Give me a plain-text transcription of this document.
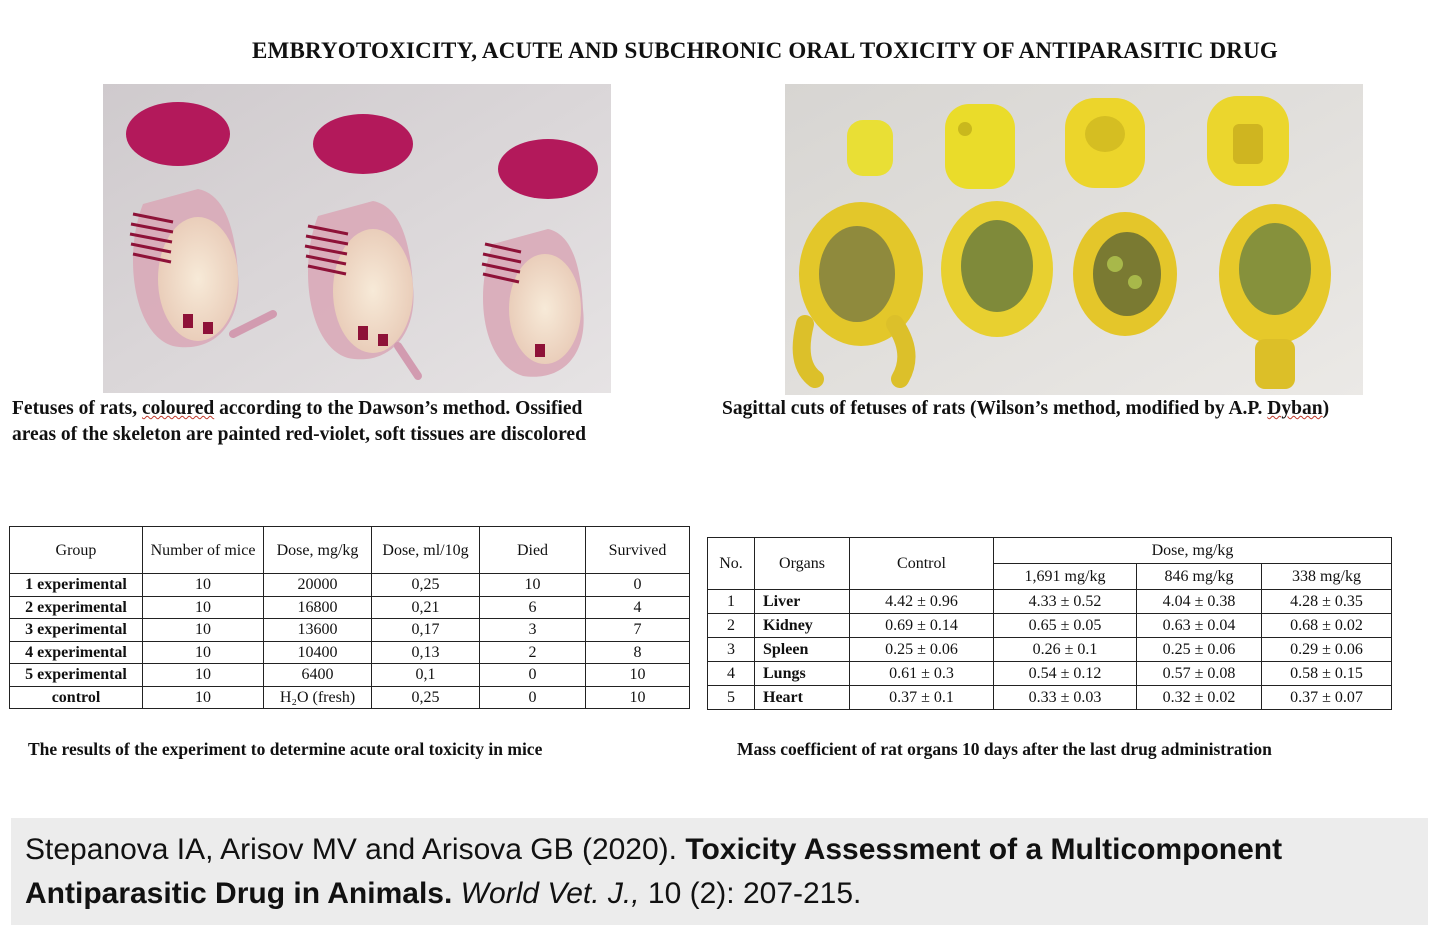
EMBRYOTOXICITY, ACUTE AND SUBCHRONIC ORAL TOXICITY OF ANTIPARASITIC DRUG
Fetuses of rats, coloured according to the Dawson’s method. Ossified
areas of the skeleton are painted red-violet, soft tissues are discolored
Sagittal cuts of fetuses of rats (Wilson’s method, modified by A.P. Dyban)
Group	Number of mice	Dose, mg/kg	Dose, ml/10g	Died	Survived
1 experimental	10	20000	0,25	10	0
2 experimental	10	16800	0,21	6	4
3 experimental	10	13600	0,17	3	7
4 experimental	10	10400	0,13	2	8
5 experimental	10	6400	0,1	0	10
control	10	H₂O (fresh)	0,25	0	10
No.	Organs	Control	Dose, mg/kg		
			1,691 mg/kg	846 mg/kg	338 mg/kg
1	Liver	4.42 ± 0.96	4.33 ± 0.52	4.04 ± 0.38	4.28 ± 0.35
2	Kidney	0.69 ± 0.14	0.65 ± 0.05	0.63 ± 0.04	0.68 ± 0.02
3	Spleen	0.25 ± 0.06	0.26 ± 0.1	0.25 ± 0.06	0.29 ± 0.06
4	Lungs	0.61 ± 0.3	0.54 ± 0.12	0.57 ± 0.08	0.58 ± 0.15
5	Heart	0.37 ± 0.1	0.33 ± 0.03	0.32 ± 0.02	0.37 ± 0.07
The results of the experiment to determine acute oral toxicity in mice	Mass coefficient of rat organs 10 days after the last drug administration
Stepanova IA, Arisov MV and Arisova GB (2020). Toxicity Assessment of a Multicomponent Antiparasitic Drug in Animals. World Vet. J., 10 (2): 207-215.
